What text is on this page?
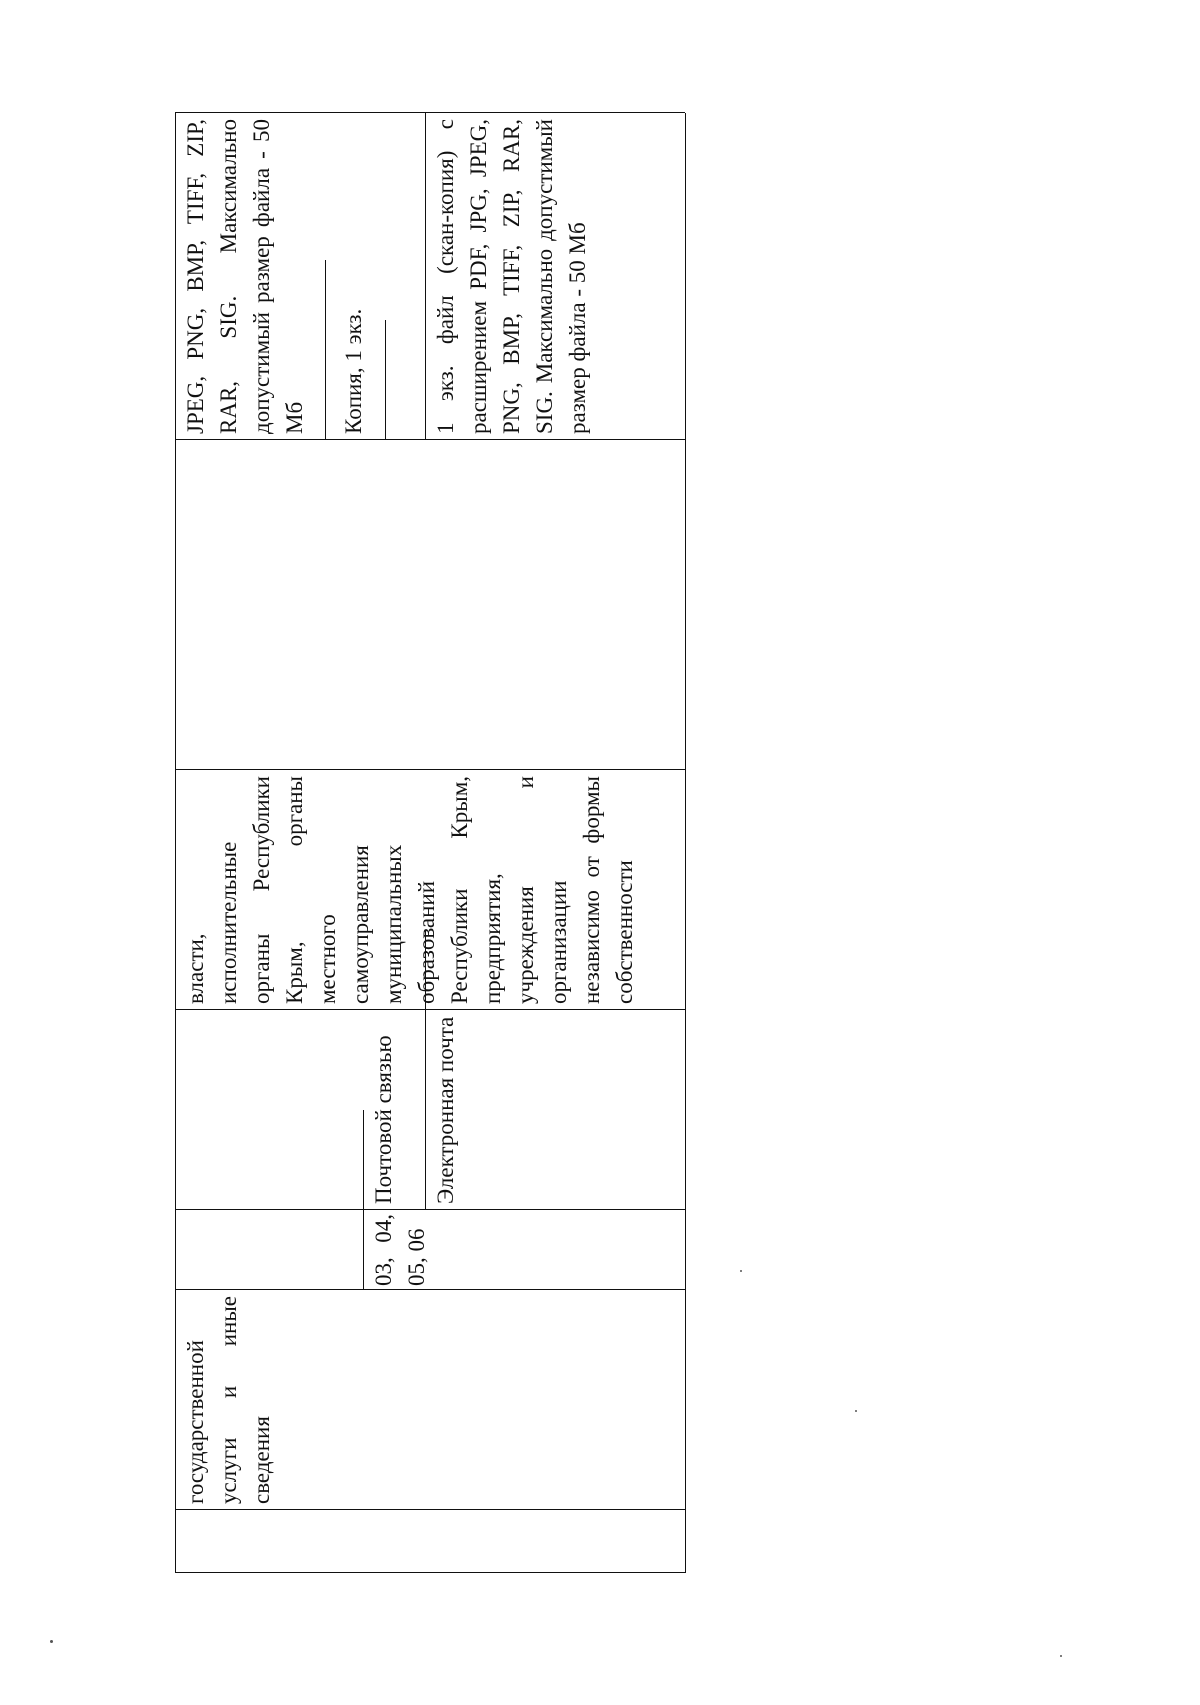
государственной услуги и иные сведения
03, 04, 05, 06
Почтовой связью Электронная почта
власти, исполнительные органы Республики Крым, органы местного самоуправления муниципальных образований Республики Крым, предприятия, учреждения и организации независимо от формы собственности
JPEG, PNG, BMP, TIFF, ZIP, RAR, SIG. Максимально допустимый размер файла - 50 Мб Копия, 1 экз.	1 экз. файл (скан-копия) с расширением PDF, JPG, JPEG, PNG, BMP, TIFF, ZIP, RAR, SIG. Максимально допустимый размер файла - 50 Мб
